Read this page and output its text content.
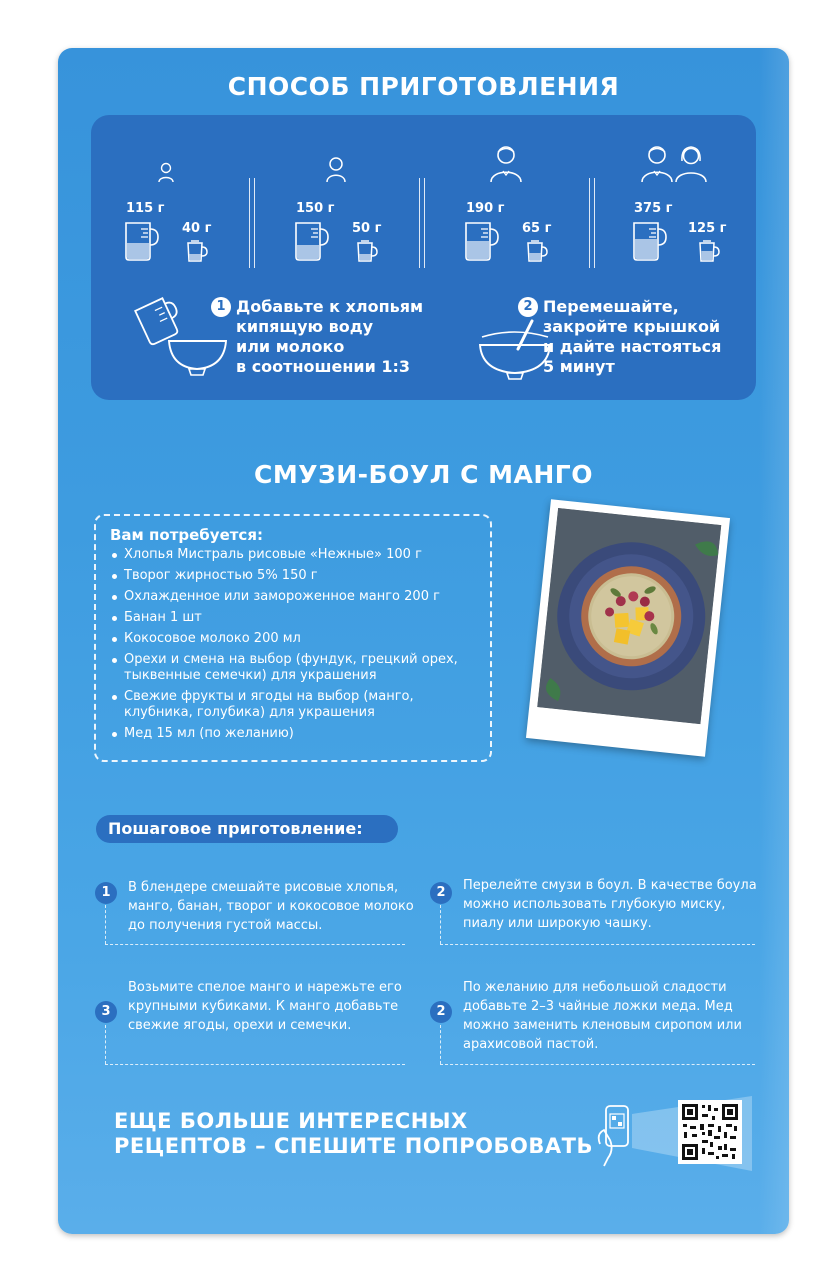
СПОСОБ ПРИГОТОВЛЕНИЯ
115 г
40 г
150 г
50 г
190 г
65 г
375 г
125 г
1 Добавьте к хлопьям
кипящую воду
или молоко
в соотношении 1:3
2 Перемешайте,
закройте крышкой
и дайте настояться
5 минут
СМУЗИ-БОУЛ С МАНГО
Вам потребуется:
Хлопья Мистраль рисовые «Нежные» 100 г
Творог жирностью 5% 150 г
Охлажденное или замороженное манго 200 г
Банан 1 шт
Кокосовое молоко 200 мл
Орехи и смена на выбор (фундук, грецкий орех, тыквенные семечки) для украшения
Свежие фрукты и ягоды на выбор (манго, клубника, голубика) для украшения
Мед 15 мл (по желанию)
Пошаговое приготовление:
1	В блендере смешайте рисовые хлопья, манго, банан, творог и кокосовое молоко до получения густой массы.
2	Перелейте смузи в боул. В качестве боула можно использовать глубокую миску, пиалу или широкую чашку.
3
Возьмите спелое манго и нарежьте его крупными кубиками. К манго добавьте свежие ягоды, орехи и семечки.
2
По желанию для небольшой сладости добавьте 2–3 чайные ложки меда. Мед можно заменить кленовым сиропом или арахисовой пастой.
ЕЩЕ БОЛЬШЕ ИНТЕРЕСНЫХ
РЕЦЕПТОВ – СПЕШИТЕ ПОПРОБОВАТЬ
